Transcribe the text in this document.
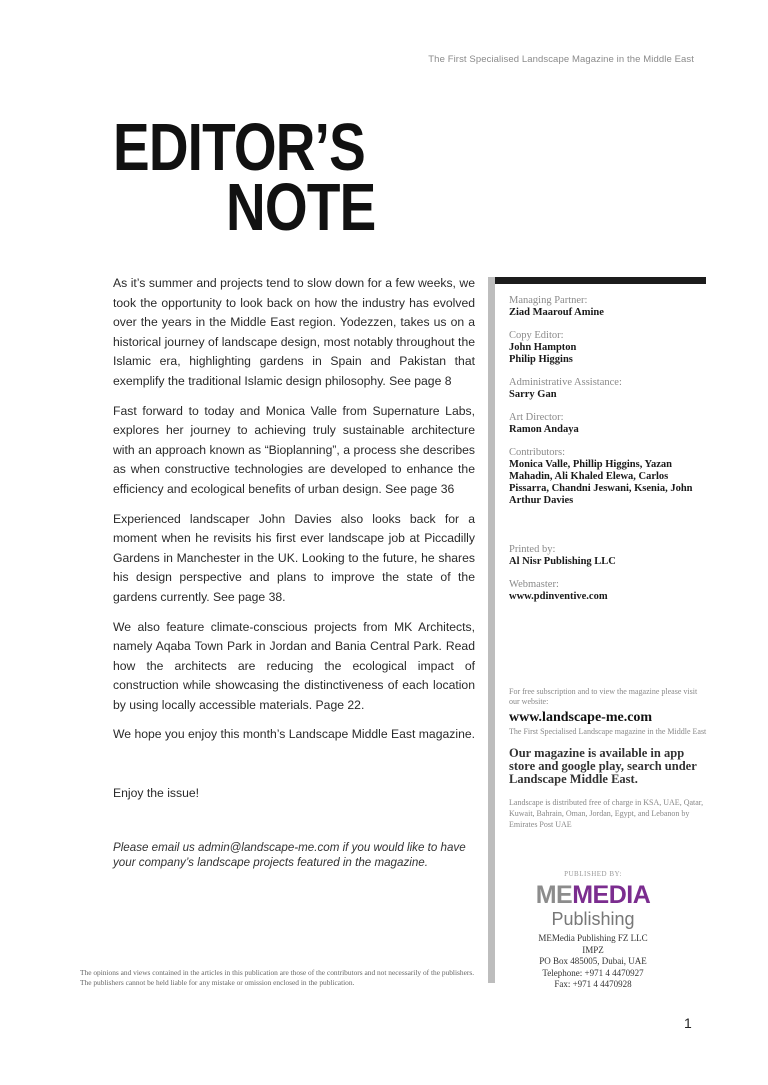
The First Specialised Landscape Magazine in the Middle East
EDITOR’S
NOTE

As it’s summer and projects tend to slow down for a few weeks, we took the opportunity to look back on how the industry has evolved over the years in the Middle East region. Yodezzen, takes us on a historical journey of landscape design, most notably throughout the Islamic era, highlighting gardens in Spain and Pakistan that exemplify the traditional Islamic design philosophy. See page 8

Fast forward to today and Monica Valle from Supernature Labs, explores her journey to achieving truly sustainable architecture with an approach known as “Bioplanning”, a process she describes as when constructive technologies are developed to enhance the efficiency and ecological benefits of urban design. See page 36

Experienced landscaper John Davies also looks back for a moment when he revisits his first ever landscape job at Piccadilly Gardens in Manchester in the UK. Looking to the future, he shares his design perspective and plans to improve the state of the gardens currently. See page 38.

We also feature climate-conscious projects from MK Architects, namely Aqaba Town Park in Jordan and Bania Central Park. Read how the architects are reducing the ecological impact of construction while showcasing the distinctiveness of each location by using locally accessible materials. Page 22.

We hope you enjoy this month’s Landscape Middle East magazine.

Enjoy the issue!

Please email us admin@landscape-me.com if you would like to have your company’s landscape projects featured in the magazine.
The opinions and views contained in the articles in this publication are those of the contributors and not necessarily of the publishers. The publishers cannot be held liable for any mistake or omission enclosed in the publication.
Managing Partner:
Ziad Maarouf Amine
Copy Editor:
John Hampton
Philip Higgins
Administrative Assistance:
Sarry Gan
Art Director:
Ramon Andaya
Contributors:
Monica Valle, Phillip Higgins, Yazan Mahadin, Ali Khaled Elewa, Carlos Pissarra, Chandni Jeswani, Ksenia, John Arthur Davies
Printed by:
Al Nisr Publishing LLC
Webmaster:
www.pdinventive.com
For free subscription and to view the magazine please visit our website:
www.landscape-me.com
The First Specialised Landscape magazine in the Middle East
Our magazine is available in app store and google play, search under Landscape Middle East.
Landscape is distributed free of charge in KSA, UAE, Qatar, Kuwait, Bahrain, Oman, Jordan, Egypt, and Lebanon by Emirates Post UAE
PUBLISHED BY:
MEMEDIA
Publishing
MEMedia Publishing FZ LLC
IMPZ
PO Box 485005, Dubai, UAE
Telephone: +971 4 4470927
Fax: +971 4 4470928
1
